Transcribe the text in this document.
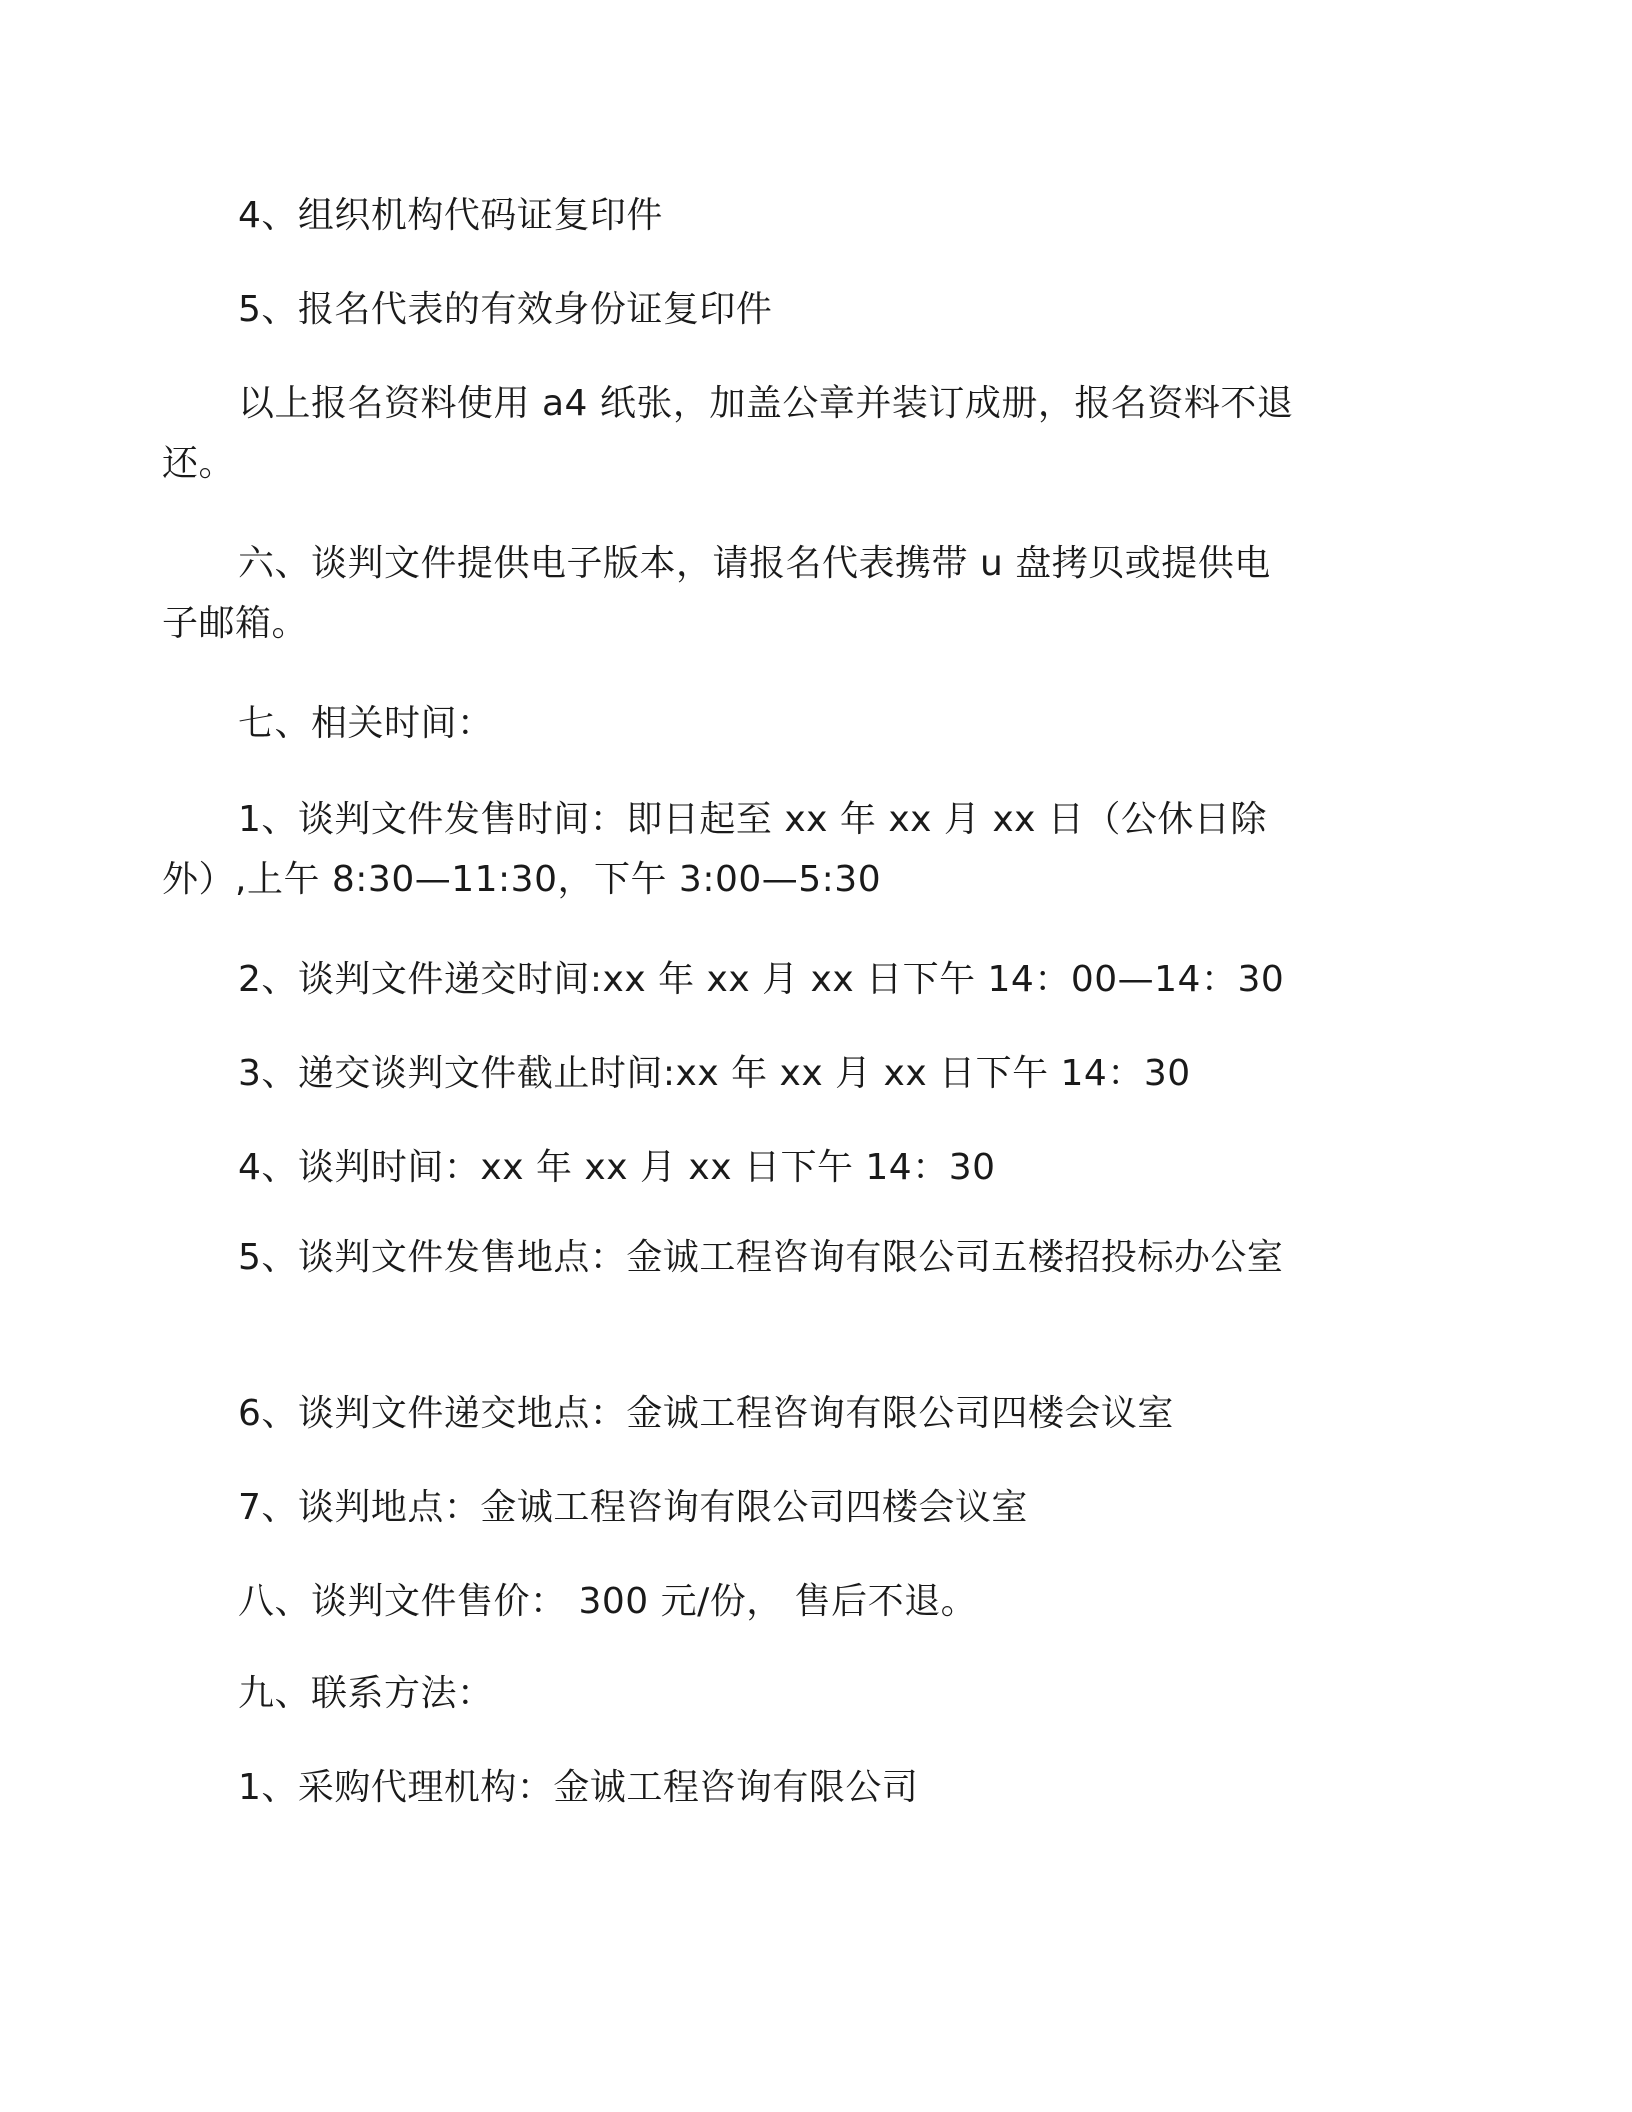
4、组织机构代码证复印件

5、报名代表的有效身份证复印件

以上报名资料使用 a4 纸张，加盖公章并装订成册，报名资料不退
还。

六、谈判文件提供电子版本，请报名代表携带 u 盘拷贝或提供电
子邮箱。

七、相关时间：

1、谈判文件发售时间：即日起至 xx 年 xx 月 xx 日（公休日除
外）,上午 8:30—11:30，下午 3:00—5:30

2、谈判文件递交时间:xx 年 xx 月 xx 日下午 14：00—14：30

3、递交谈判文件截止时间:xx 年 xx 月 xx 日下午 14：30

4、谈判时间：xx 年 xx 月 xx 日下午 14：30

5、谈判文件发售地点：金诚工程咨询有限公司五楼招投标办公室

6、谈判文件递交地点：金诚工程咨询有限公司四楼会议室

7、谈判地点：金诚工程咨询有限公司四楼会议室

八、谈判文件售价： 300 元/份， 售后不退。

九、联系方法：

1、采购代理机构：金诚工程咨询有限公司
